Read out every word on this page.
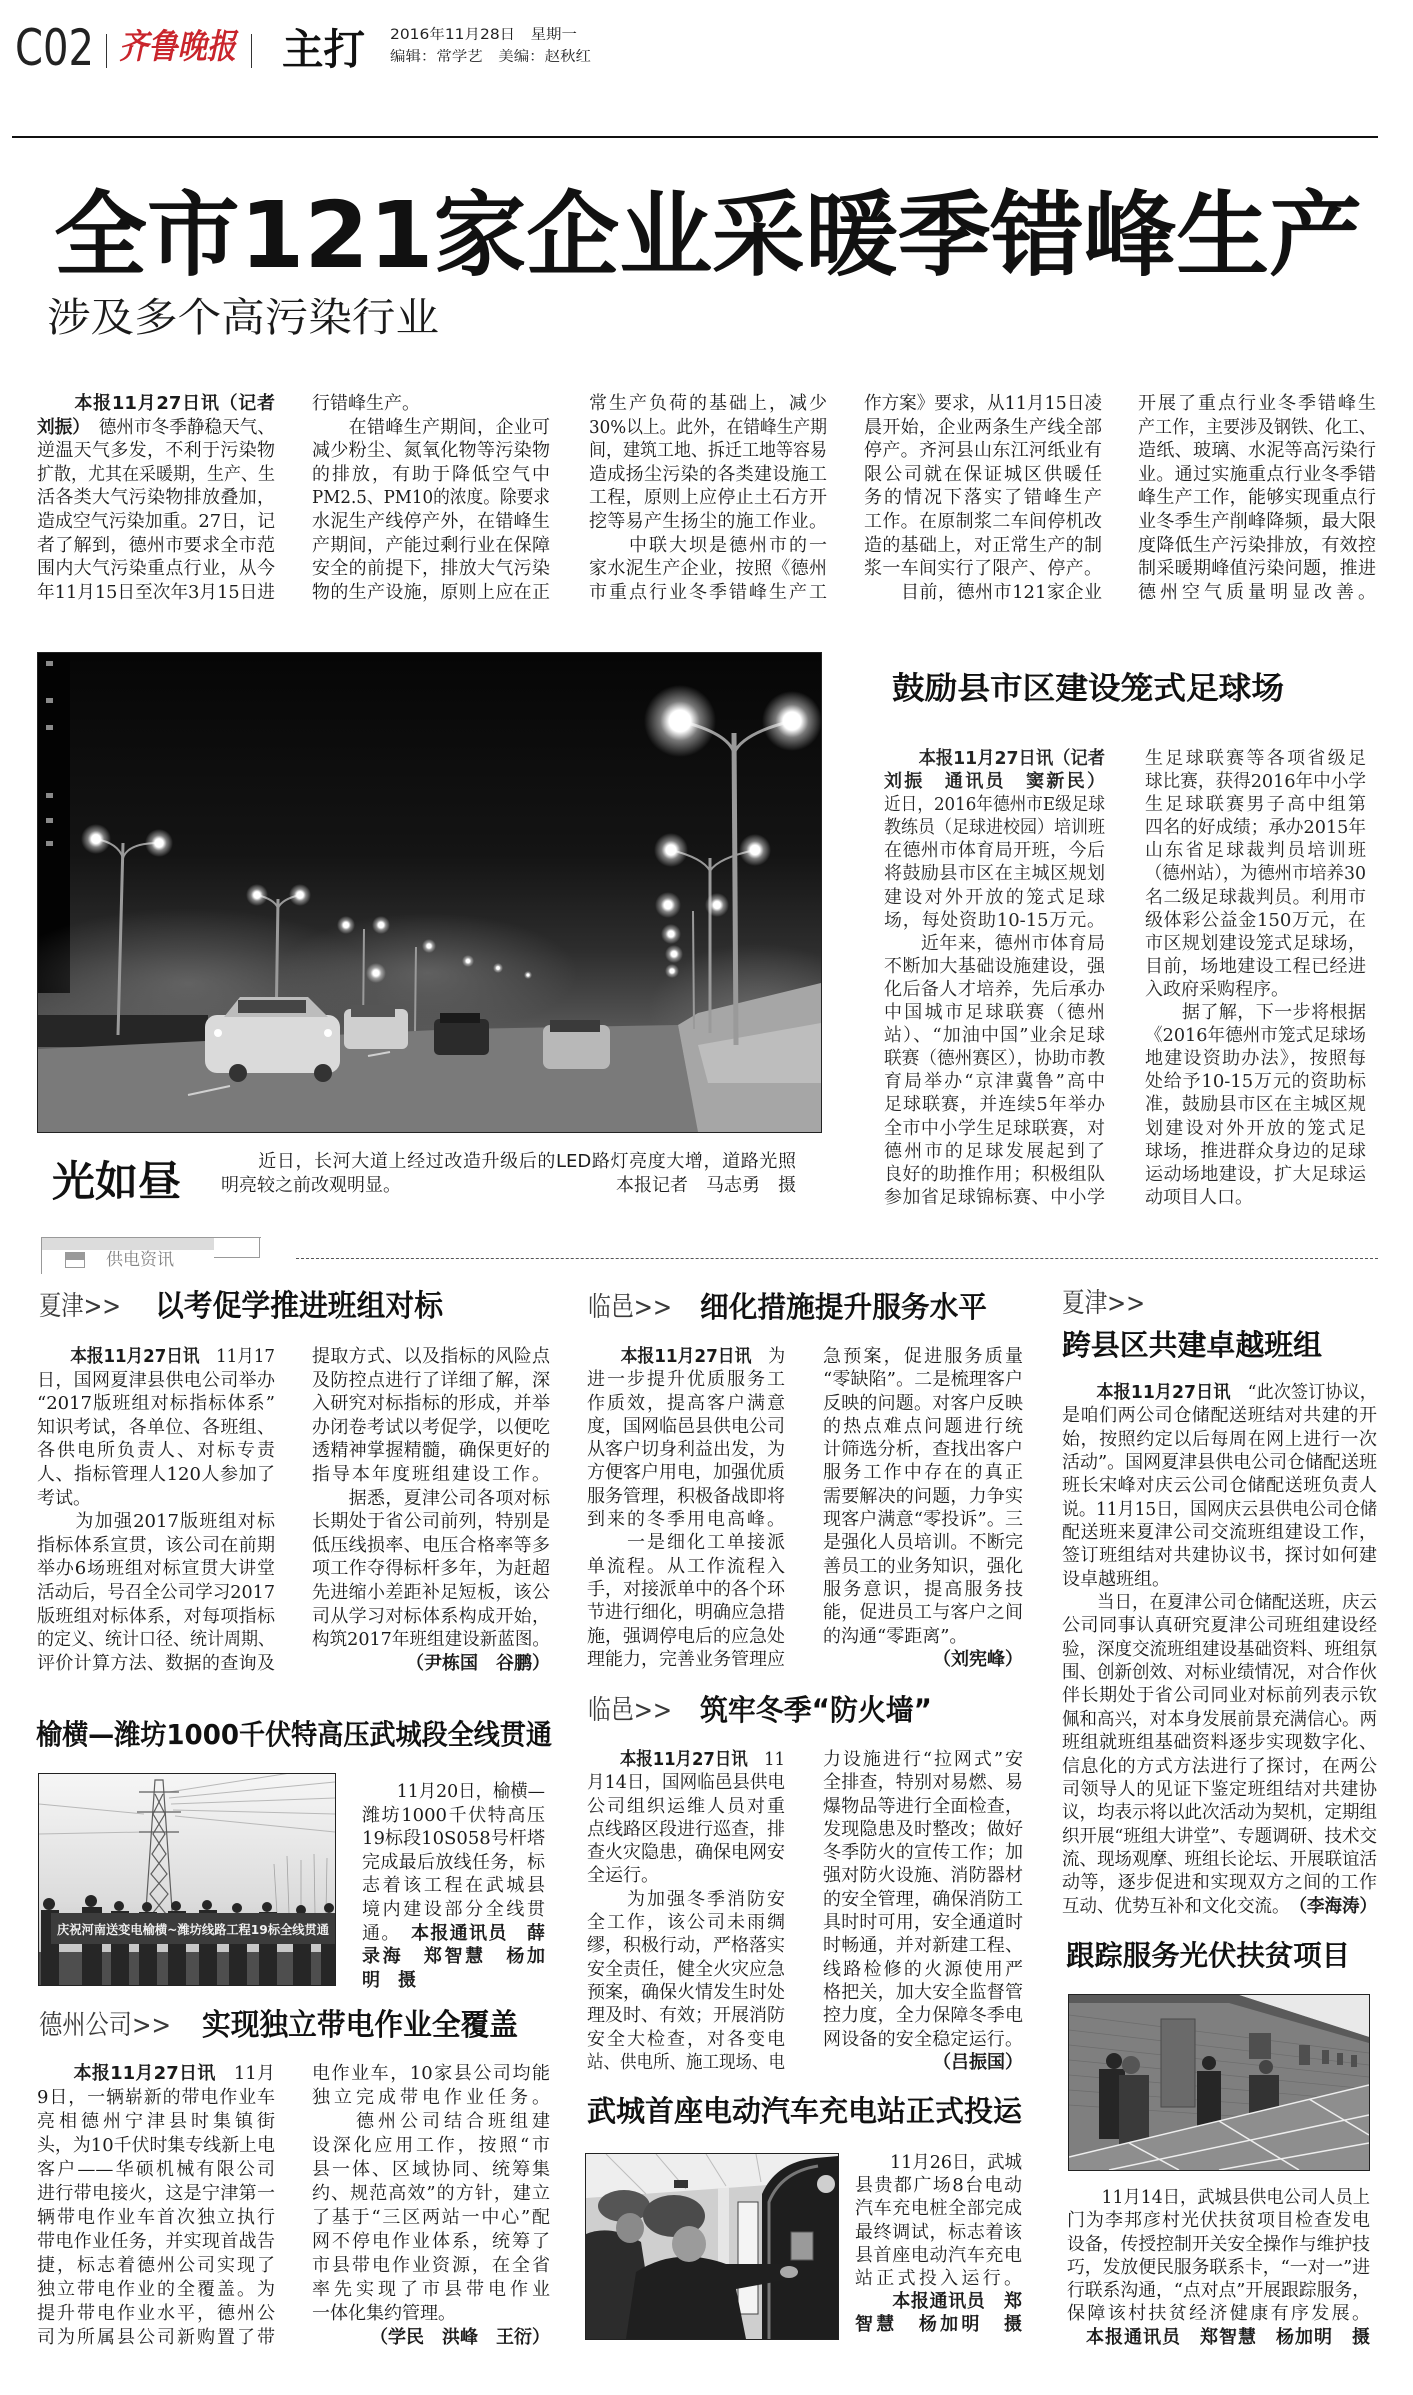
C02 齐鲁晚报 主打 2016年11月28日　星期一
编辑：常学艺　美编：赵秋红
全市121家企业采暖季错峰生产
涉及多个高污染行业
　　本报11月27日讯（记者
刘振）　德州市冬季静稳天气、
逆温天气多发，不利于污染物
扩散，尤其在采暖期，生产、生
活各类大气污染物排放叠加，
造成空气污染加重。27日，记
者了解到，德州市要求全市范
围内大气污染重点行业，从今
年11月15日至次年3月15日进
行错峰生产。
　　在错峰生产期间，企业可
减少粉尘、氮氧化物等污染物
的排放，有助于降低空气中
PM2.5、PM10的浓度。除要求
水泥生产线停产外，在错峰生
产期间，产能过剩行业在保障
安全的前提下，排放大气污染
物的生产设施，原则上应在正
常生产负荷的基础上，减少
30%以上。此外，在错峰生产期
间，建筑工地、拆迁工地等容易
造成扬尘污染的各类建设施工
工程，原则上应停止土石方开
挖等易产生扬尘的施工作业。
　　中联大坝是德州市的一
家水泥生产企业，按照《德州
市重点行业冬季错峰生产工
作方案》要求，从11月15日凌
晨开始，企业两条生产线全部
停产。齐河县山东江河纸业有
限公司就在保证城区供暖任
务的情况下落实了错峰生产
工作。在原制浆二车间停机改
造的基础上，对正常生产的制
浆一车间实行了限产、停产。
　　目前，德州市121家企业
开展了重点行业冬季错峰生
产工作，主要涉及钢铁、化工、
造纸、玻璃、水泥等高污染行
业。通过实施重点行业冬季错
峰生产工作，能够实现重点行
业冬季生产削峰降频，最大限
度降低生产污染排放，有效控
制采暖期峰值污染问题，推进
德州空气质量明显改善。
光如昼 　　近日，长河大道上经过改造升级后的LED路灯亮度大增，道路光照
明亮较之前改观明显。	本报记者　马志勇　摄
鼓励县市区建设笼式足球场
　　本报11月27日讯（记者
刘振　通讯员　窦新民）
近日，2016年德州市E级足球
教练员（足球进校园）培训班
在德州市体育局开班，今后
将鼓励县市区在主城区规划
建设对外开放的笼式足球
场，每处资助10-15万元。
　　近年来，德州市体育局
不断加大基础设施建设，强
化后备人才培养，先后承办
中国城市足球联赛（德州
站）、“加油中国”业余足球
联赛（德州赛区），协助市教
育局举办“京津冀鲁”高中
足球联赛，并连续5年举办
全市中小学生足球联赛，对
德州市的足球发展起到了
良好的助推作用；积极组队
参加省足球锦标赛、中小学
生足球联赛等各项省级足
球比赛，获得2016年中小学
生足球联赛男子高中组第
四名的好成绩；承办2015年
山东省足球裁判员培训班
（德州站），为德州市培养30
名二级足球裁判员。利用市
级体彩公益金150万元，在
市区规划建设笼式足球场，
目前，场地建设工程已经进
入政府采购程序。
　　据了解，下一步将根据
《2016年德州市笼式足球场
地建设资助办法》，按照每
处给予10-15万元的资助标
准，鼓励县市区在主城区规
划建设对外开放的笼式足
球场，推进群众身边的足球
运动场地建设，扩大足球运
动项目人口。
供电资讯
夏津>> 以考促学推进班组对标
　　本报11月27日讯　11月17
日，国网夏津县供电公司举办
“2017版班组对标指标体系”
知识考试，各单位、各班组、
各供电所负责人、对标专责
人、指标管理人120人参加了
考试。
　　为加强2017版班组对标
指标体系宣贯，该公司在前期
举办6场班组对标宣贯大讲堂
活动后，号召全公司学习2017
版班组对标体系，对每项指标
的定义、统计口径、统计周期、
评价计算方法、数据的查询及
提取方式、以及指标的风险点
及防控点进行了详细了解，深
入研究对标指标的形成，并举
办闭卷考试以考促学，以便吃
透精神掌握精髓，确保更好的
指导本年度班组建设工作。
　　据悉，夏津公司各项对标
长期处于省公司前列，特别是
低压线损率、电压合格率等多
项工作夺得标杆多年，为赶超
先进缩小差距补足短板，该公
司从学习对标体系构成开始，
构筑2017年班组建设新蓝图。
（尹栋国　谷鹏）
榆横—潍坊1000千伏特高压武城段全线贯通
庆祝河南送变电榆横~潍坊线路工程19标全线贯通
　　11月20日，榆横—
潍坊1000千伏特高压
19标段10S058号杆塔
完成最后放线任务，标
志着该工程在武城县
境内建设部分全线贯
通。　本报通讯员　薛
录海　郑智慧　杨加
明　摄
德州公司>> 实现独立带电作业全覆盖
　　本报11月27日讯　11月
9日，一辆崭新的带电作业车
亮相德州宁津县时集镇街
头，为10千伏时集专线新上电
客户——华硕机械有限公司
进行带电接火，这是宁津第一
辆带电作业车首次独立执行
带电作业任务，并实现首战告
捷，标志着德州公司实现了
独立带电作业的全覆盖。为
提升带电作业水平，德州公
司为所属县公司新购置了带
电作业车，10家县公司均能
独立完成带电作业任务。
　　德州公司结合班组建
设深化应用工作，按照“市
县一体、区域协同、统筹集
约、规范高效”的方针，建立
了基于“三区两站一中心”配
网不停电作业体系，统筹了
市县带电作业资源，在全省
率先实现了市县带电作业
一体化集约管理。
（学民　洪峰　王衍）
临邑>> 细化措施提升服务水平
　　本报11月27日讯　为
进一步提升优质服务工
作质效，提高客户满意
度，国网临邑县供电公司
从客户切身利益出发，为
方便客户用电，加强优质
服务管理，积极备战即将
到来的冬季用电高峰。
　　一是细化工单接派
单流程。从工作流程入
手，对接派单中的各个环
节进行细化，明确应急措
施，强调停电后的应急处
理能力，完善业务管理应
急预案，促进服务质量
“零缺陷”。二是梳理客户
反映的问题。对客户反映
的热点难点问题进行统
计筛选分析，查找出客户
服务工作中存在的真正
需要解决的问题，力争实
现客户满意“零投诉”。三
是强化人员培训。不断完
善员工的业务知识，强化
服务意识，提高服务技
能，促进员工与客户之间
的沟通“零距离”。
（刘宪峰）
临邑>> 筑牢冬季“防火墙”
　　本报11月27日讯　11
月14日，国网临邑县供电
公司组织运维人员对重
点线路区段进行巡查，排
查火灾隐患，确保电网安
全运行。
　　为加强冬季消防安
全工作，该公司未雨绸
缪，积极行动，严格落实
安全责任，健全火灾应急
预案，确保火情发生时处
理及时、有效；开展消防
安全大检查，对各变电
站、供电所、施工现场、电
力设施进行“拉网式”安
全排查，特别对易燃、易
爆物品等进行全面检查，
发现隐患及时整改；做好
冬季防火的宣传工作；加
强对防火设施、消防器材
的安全管理，确保消防工
具时时可用，安全通道时
时畅通，并对新建工程、
线路检修的火源使用严
格把关，加大安全监督管
控力度，全力保障冬季电
网设备的安全稳定运行。
（吕振国）
武城首座电动汽车充电站正式投运
　　11月26日，武城
县贵都广场8台电动
汽车充电桩全部完成
最终调试，标志着该
县首座电动汽车充电
站正式投入运行。
　　本报通讯员　郑
智慧　杨加明　摄
夏津>>
跨县区共建卓越班组
　　本报11月27日讯　“此次签订协议，
是咱们两公司仓储配送班结对共建的开
始，按照约定以后每周在网上进行一次
活动”。国网夏津县供电公司仓储配送班
班长宋峰对庆云公司仓储配送班负责人
说。11月15日，国网庆云县供电公司仓储
配送班来夏津公司交流班组建设工作，
签订班组结对共建协议书，探讨如何建
设卓越班组。
　　当日，在夏津公司仓储配送班，庆云
公司同事认真研究夏津公司班组建设经
验，深度交流班组建设基础资料、班组氛
围、创新创效、对标业绩情况，对合作伙
伴长期处于省公司同业对标前列表示钦
佩和高兴，对本身发展前景充满信心。两
班组就班组基础资料逐步实现数字化、
信息化的方式方法进行了探讨，在两公
司领导人的见证下鉴定班组结对共建协
议，均表示将以此次活动为契机，定期组
织开展“班组大讲堂”、专题调研、技术交
流、现场观摩、班组长论坛、开展联谊活
动等，逐步促进和实现双方之间的工作
互动、优势互补和文化交流。　（李海涛）
跟踪服务光伏扶贫项目
　　11月14日，武城县供电公司人员上
门为李邦彦村光伏扶贫项目检查发电
设备，传授控制开关安全操作与维护技
巧，发放便民服务联系卡，“一对一”进
行联系沟通，“点对点”开展跟踪服务，
保障该村扶贫经济健康有序发展。
　本报通讯员　郑智慧　杨加明　摄
